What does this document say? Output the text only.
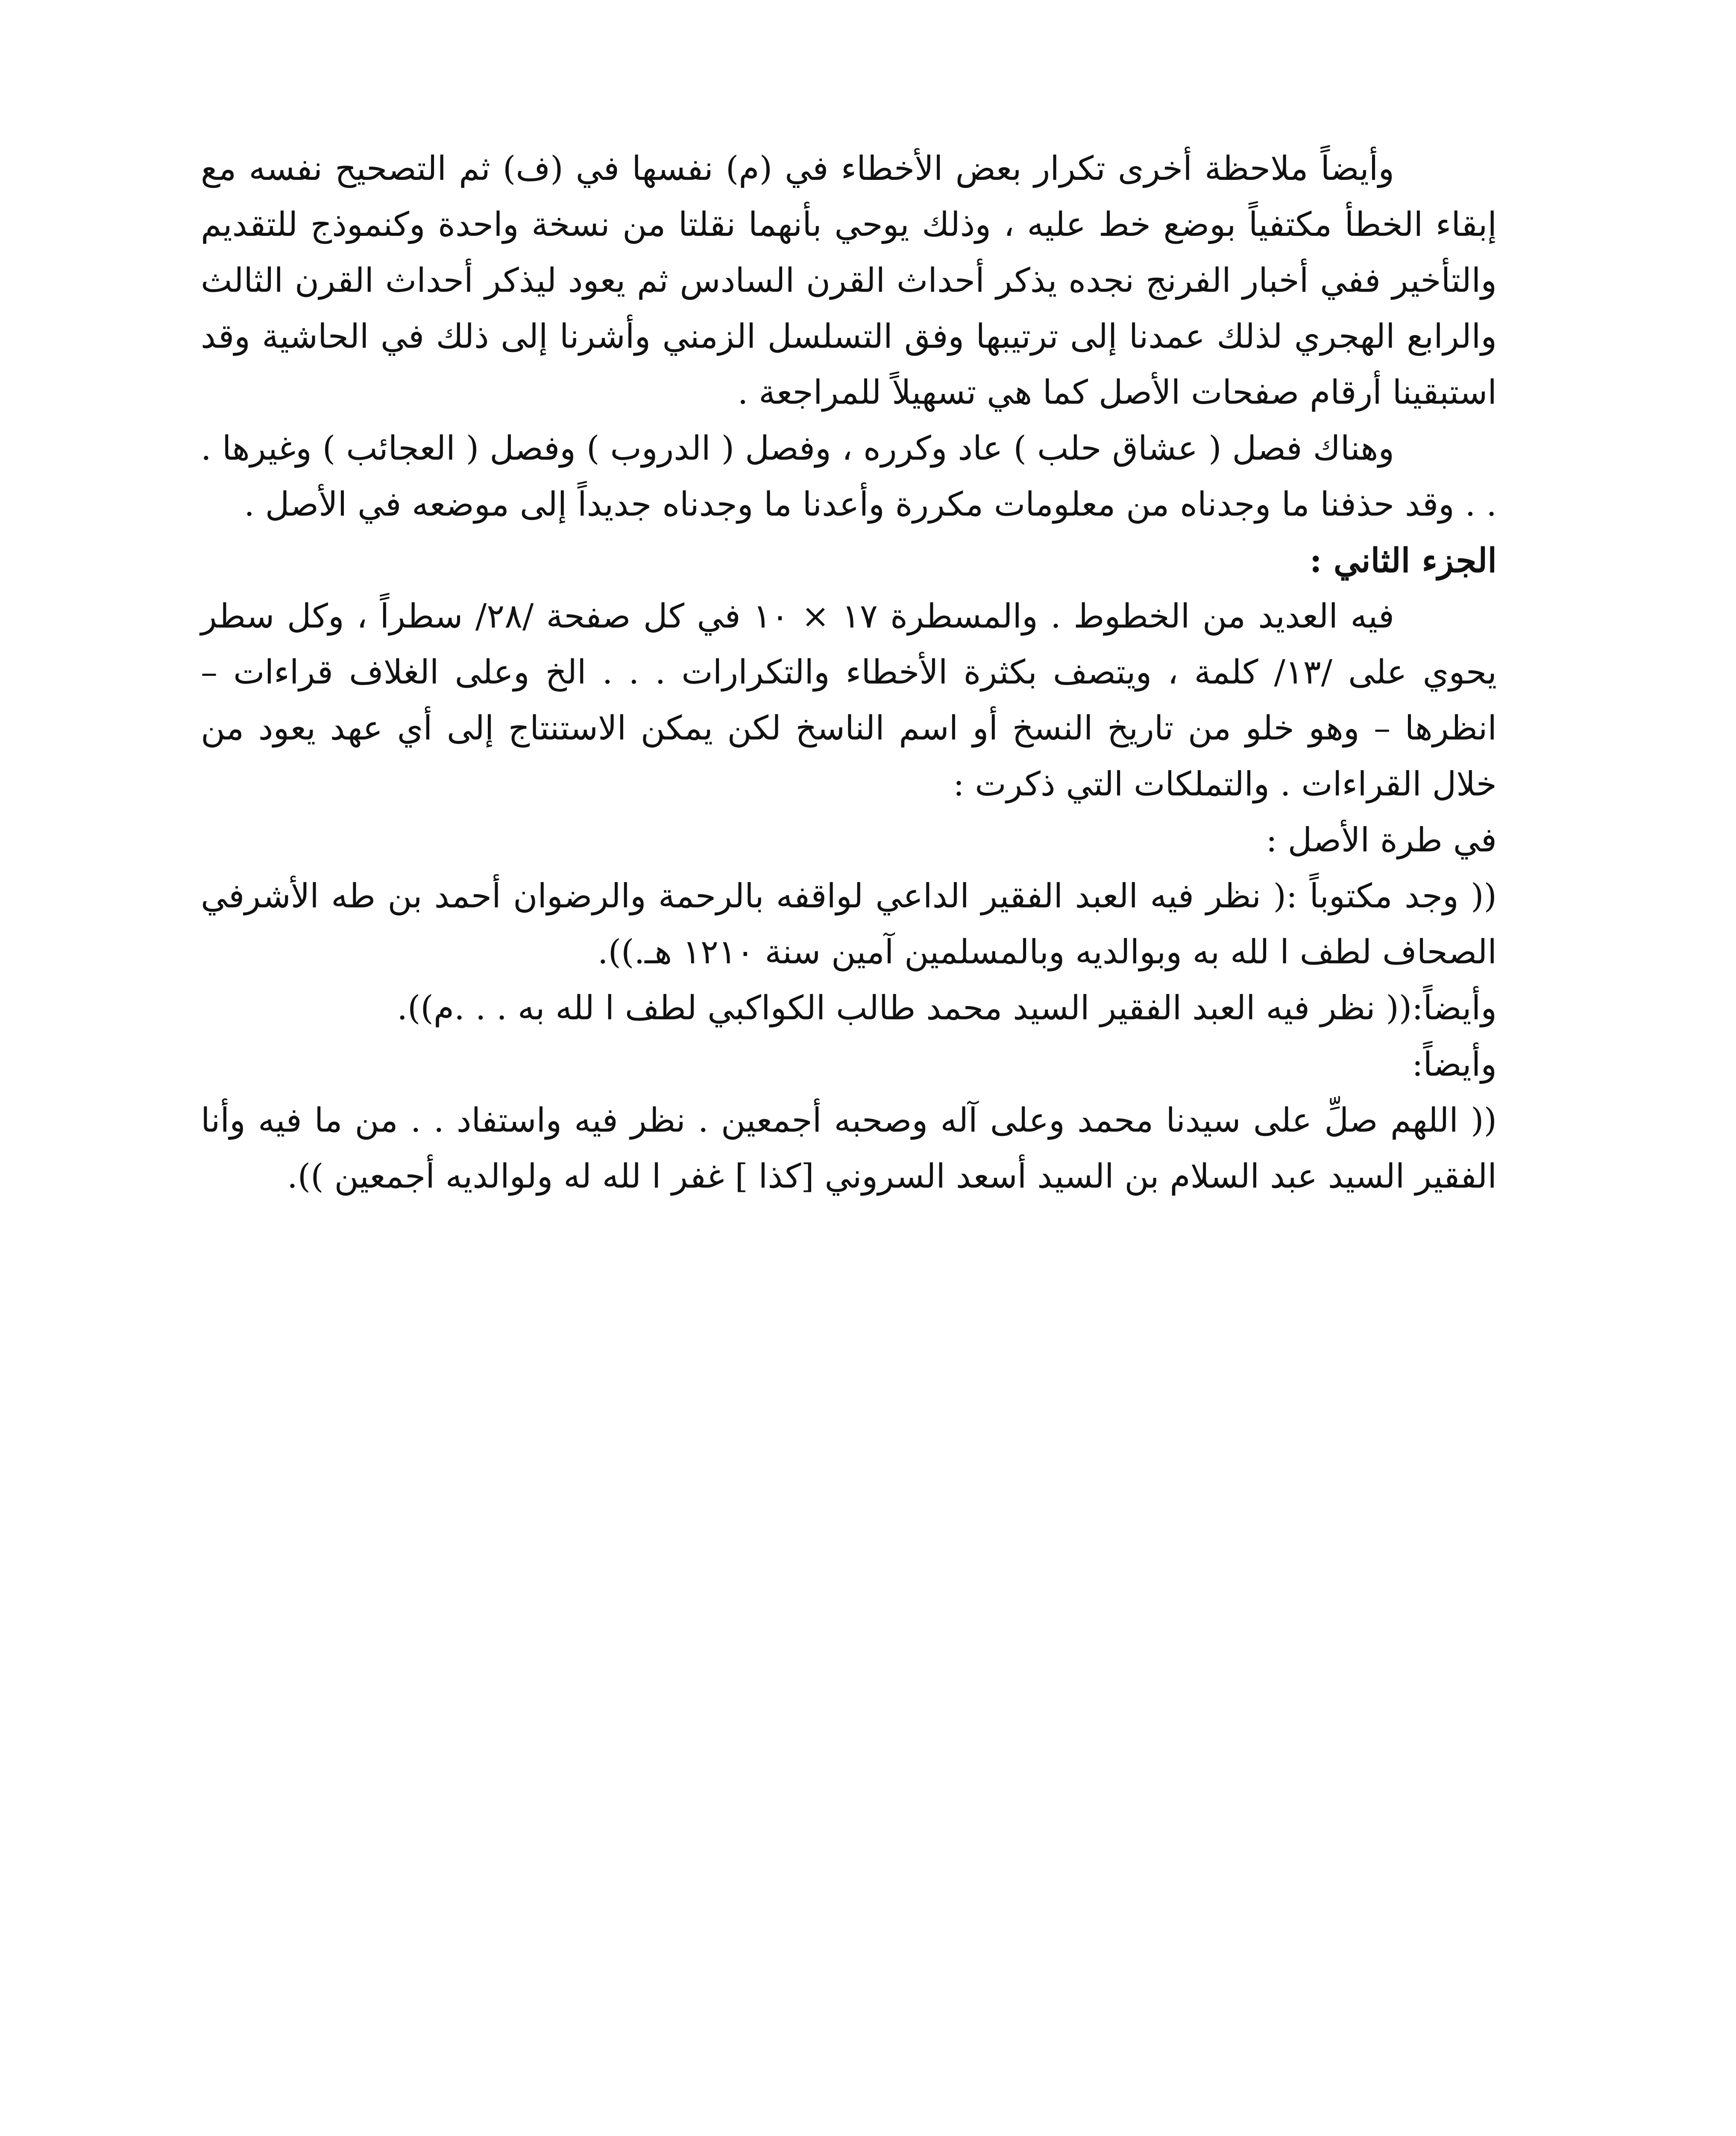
وأيضاً ملاحظة أخرى تكرار بعض الأخطاء في (م) نفسها في (ف) ثم التصحيح نفسه مع إبقاء الخطأ مكتفياً بوضع خط عليه ، وذلك يوحي بأنهما نقلتا من نسخة واحدة وكنموذج للتقديم والتأخير ففي أخبار الفرنج نجده يذكر أحداث القرن السادس ثم يعود ليذكر أحداث القرن الثالث والرابع الهجري لذلك عمدنا إلى ترتيبها وفق التسلسل الزمني وأشرنا إلى ذلك في الحاشية وقد استبقينا أرقام صفحات الأصل كما هي تسهيلاً للمراجعة .

وهناك فصل ( عشاق حلب ) عاد وكرره ، وفصل ( الدروب ) وفصل ( العجائب ) وغيرها . . . وقد حذفنا ما وجدناه من معلومات مكررة وأعدنا ما وجدناه جديداً إلى موضعه في الأصل .

الجزء الثاني :

فيه العديد من الخطوط . والمسطرة ١٧ × ١٠ في كل صفحة /٢٨/ سطراً ، وكل سطر يحوي على /١٣/ كلمة ، ويتصف بكثرة الأخطاء والتكرارات . . . الخ وعلى الغلاف قراءات – انظرها – وهو خلو من تاريخ النسخ أو اسم الناسخ لكن يمكن الاستنتاج إلى أي عهد يعود من خلال القراءات . والتملكات التي ذكرت :

في طرة الأصل :

(( وجد مكتوباً :( نظر فيه العبد الفقير الداعي لواقفه بالرحمة والرضوان أحمد بن طه الأشرفي الصحاف لطف ا لله به وبوالديه وبالمسلمين آمين سنة ١٢١٠ هـ.)).

وأيضاً:(( نظر فيه العبد الفقير السيد محمد طالب الكواكبي لطف ا لله به . . .م)).

وأيضاً:

(( اللهم صلِّ على سيدنا محمد وعلى آله وصحبه أجمعين . نظر فيه واستفاد . . من ما فيه وأنا الفقير السيد عبد السلام بن السيد أسعد السروني [كذا ] غفر ا لله له ولوالديه أجمعين )).
